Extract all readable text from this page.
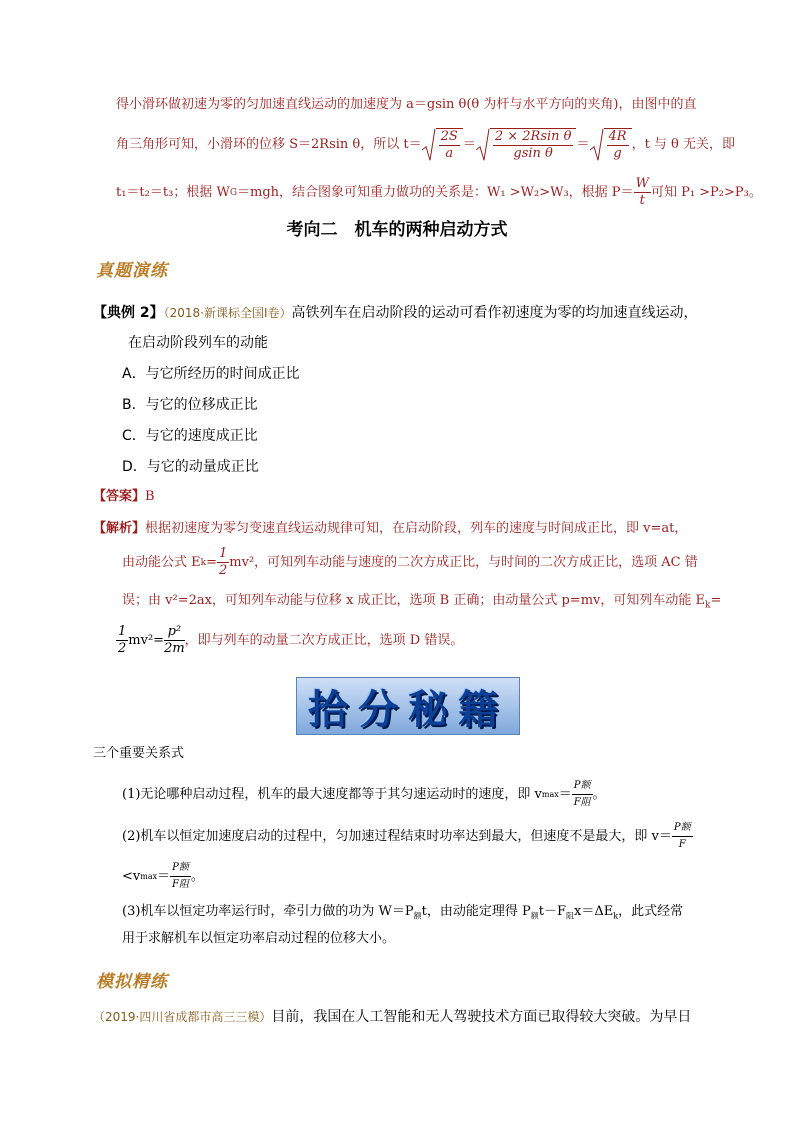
得小滑环做初速为零的匀加速直线运动的加速度为 a＝gsin θ(θ 为杆与水平方向的夹角)，由图中的直
角三角形可知，小滑环的位移 S＝2Rsin θ，所以 $t= \frac{2S}{a} = \frac{\text{2 × 2Rsin θ}}{\text{gsin θ}} = \frac{4R}{g}$ ，t 与 θ 无关，即
t₁＝t₂＝t₃；根据 W G ＝mgh，结合图象可知重力做功的关系是：W₁ >W₂>W₃，根据 $P= \frac{W}{t}$ 可知 P₁ >P₂>P₃。
考向二　机车的两种启动方式
真题演练
【典例 2】（2018·新课标全国Ⅰ卷）高铁列车在启动阶段的运动可看作初速度为零的均加速直线运动，
在启动阶段列车的动能
A．与它所经历的时间成正比
B．与它的位移成正比
C．与它的速度成正比
D．与它的动量成正比
【答案】B
【解析】根据初速度为零匀变速直线运动规律可知，在启动阶段，列车的速度与时间成正比，即 v=at，
由动能公式 E $k = \frac{1}{2} mv^2$，可知列车动能与速度的二次方成正比，与时间的二次方成正比，选项 AC 错
误；由 v²=2ax，可知列车动能与位移 x 成正比，选项 B 正确；由动量公式 p=mv，可知列车动能 $E_k=$
$\frac{1}{2} mv^2= \frac{\text{p²}}{2m}$ ，即与列车的动量二次方成正比，选项 D 错误。
拾分秘籍
三个重要关系式
(1)无论哪种启动过程，机车的最大速度都等于其匀速运动时的速度，即 v $\max = \frac{\text{P额}}{\text{F阻}}$ 。
(2)机车以恒定加速度启动的过程中，匀加速过程结束时功率达到最大，但速度不是最大，即 $v= \frac{\text{P额}}{F}$
<v $\max = \frac{\text{P额}}{\text{F阻}}$ 。
(3)机车以恒定功率运行时，牵引力做的功为 $W=P_额t$，由动能定理得 $P_额t-F_阻x=\Delta E_k$，此式经常
用于求解机车以恒定功率启动过程的位移大小。
模拟精练
（2019·四川省成都市高三三模）目前，我国在人工智能和无人驾驶技术方面已取得较大突破。为早日
